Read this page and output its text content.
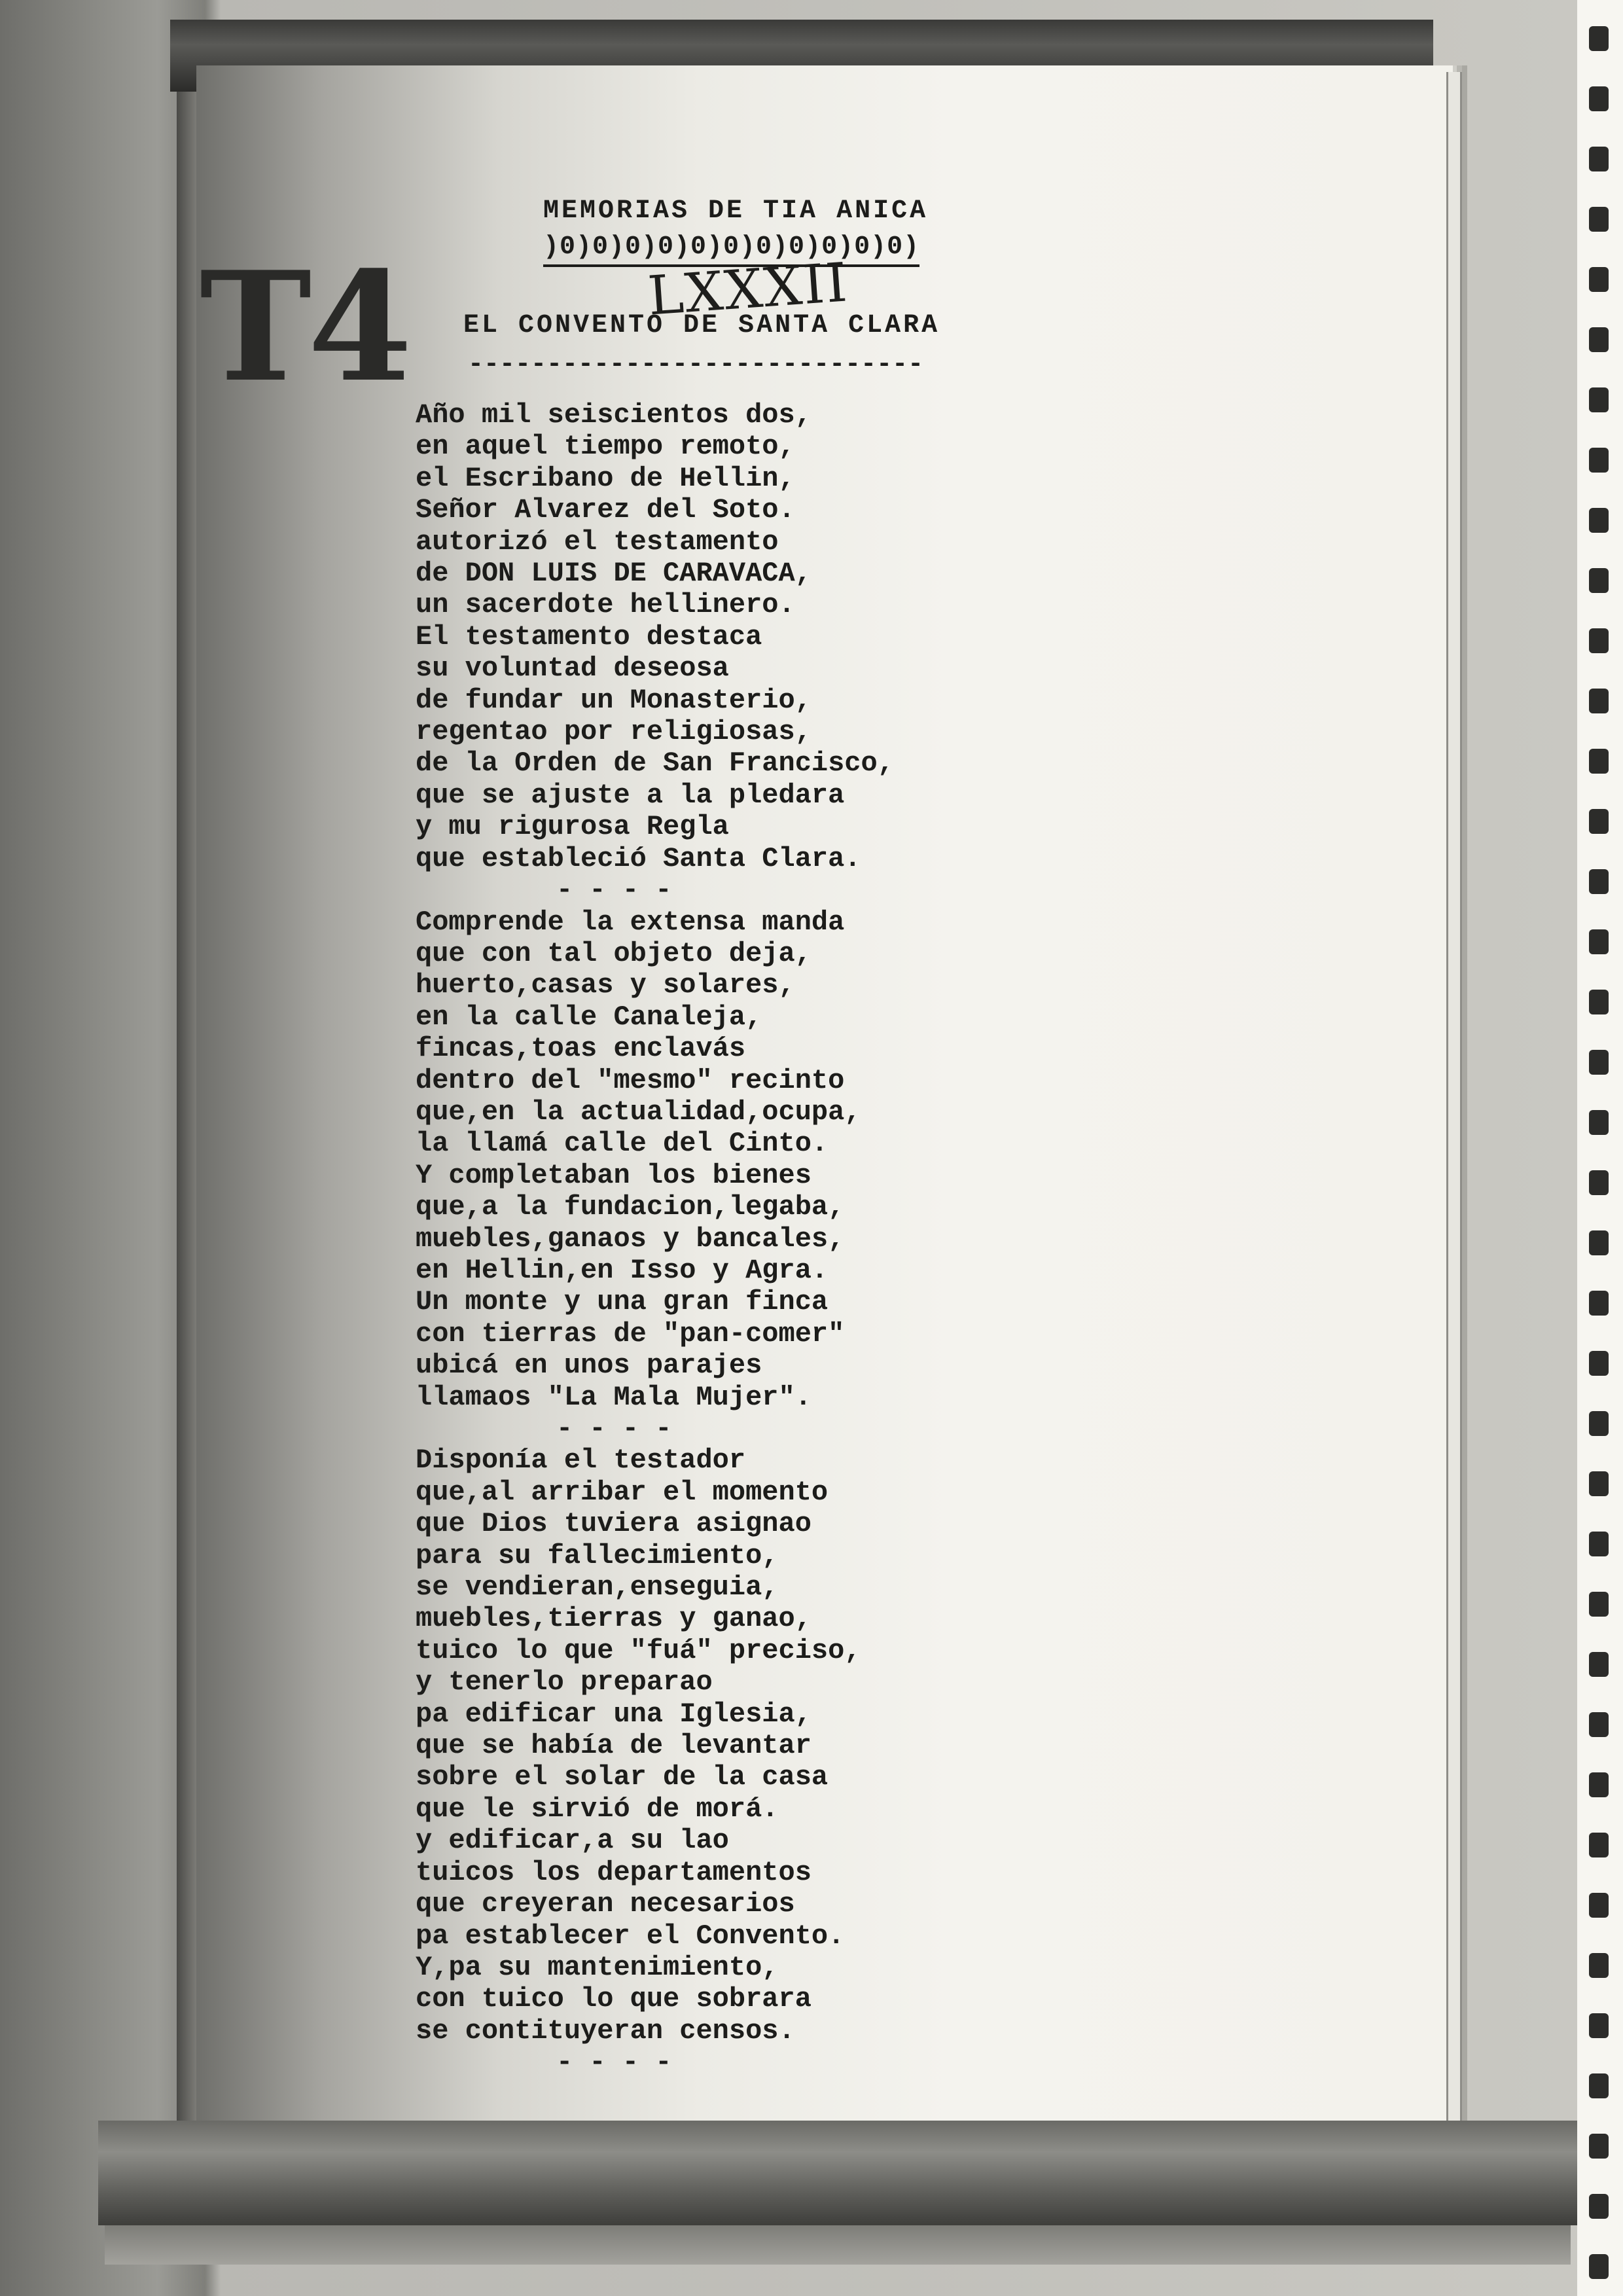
T4	LXXXII
MEMORIAS DE TIA ANICA
)0)0)0)0)0)0)0)0)0)0)0)
EL CONVENTO DE SANTA CLARA
-----------------------------
Año mil seiscientos dos,
en aquel tiempo remoto,
el Escribano de Hellin,
Señor Alvarez del Soto.
autorizó el testamento
de DON LUIS DE CARAVACA,
un sacerdote hellinero.
El testamento destaca
su voluntad deseosa
de fundar un Monasterio,
regentao por religiosas,
de la Orden de San Francisco,
que se ajuste a la pledara
y mu rigurosa Regla
que estableció Santa Clara.
- - - -
Comprende la extensa manda
que con tal objeto deja,
huerto,casas y solares,
en la calle Canaleja,
fincas,toas enclavás
dentro del "mesmo" recinto
que,en la actualidad,ocupa,
la llamá calle del Cinto.
Y completaban los bienes
que,a la fundacion,legaba,
muebles,ganaos y bancales,
en Hellin,en Isso y Agra.
Un monte y una gran finca
con tierras de "pan-comer"
ubicá en unos parajes
llamaos "La Mala Mujer".
- - - -
Disponía el testador
que,al arribar el momento
que Dios tuviera asignao
para su fallecimiento,
se vendieran,enseguia,
muebles,tierras y ganao,
tuico lo que "fuá" preciso,
y tenerlo preparao
pa edificar una Iglesia,
que se había de levantar
sobre el solar de la casa
que le sirvió de morá.
y edificar,a su lao
tuicos los departamentos
que creyeran necesarios
pa establecer el Convento.
Y,pa su mantenimiento,
con tuico lo que sobrara
se contituyeran censos.
- - - -
